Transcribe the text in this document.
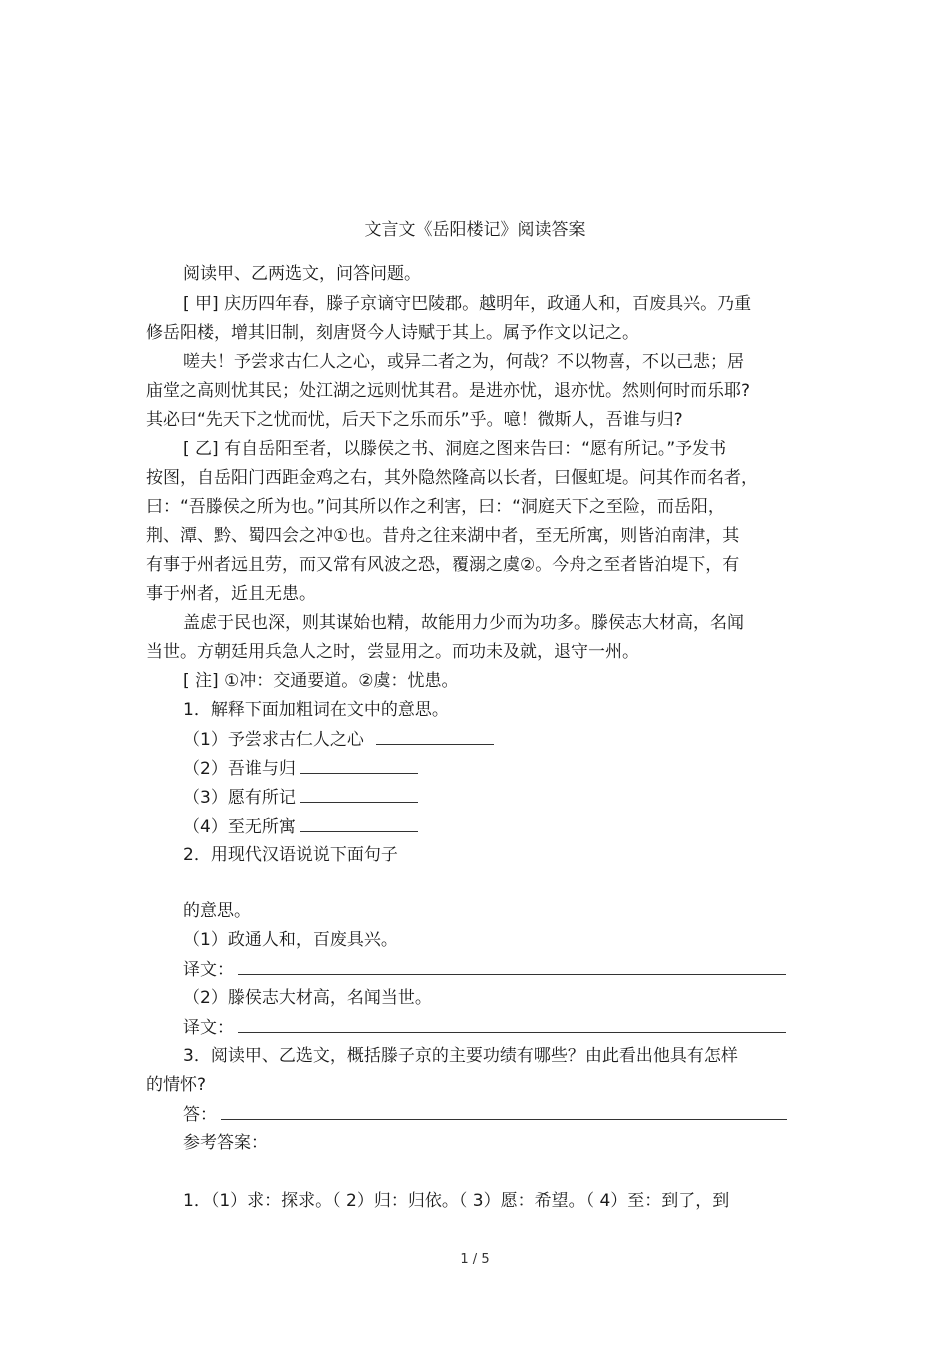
文言文《岳阳楼记》阅读答案
阅读甲、乙两选文，问答问题。
[ 甲] 庆历四年春，滕子京谪守巴陵郡。越明年，政通人和，百废具兴。乃重
修岳阳楼，增其旧制，刻唐贤今人诗赋于其上。属予作文以记之。
嗟夫！予尝求古仁人之心，或异二者之为，何哉？不以物喜，不以己悲；居
庙堂之高则忧其民；处江湖之远则忧其君。是进亦忧，退亦忧。然则何时而乐耶?
其必曰“先天下之忧而忧，后天下之乐而乐”乎。噫！微斯人，吾谁与归?
[ 乙] 有自岳阳至者，以滕侯之书、洞庭之图来告曰：“愿有所记。”予发书
按图，自岳阳门西距金鸡之右，其外隐然隆高以长者，曰偃虹堤。问其作而名者，
曰：“吾滕侯之所为也。”问其所以作之利害，曰：“洞庭天下之至险，而岳阳，
荆、潭、黔、蜀四会之冲①也。昔舟之往来湖中者，至无所寓，则皆泊南津，其
有事于州者远且劳，而又常有风波之恐，覆溺之虞②。今舟之至者皆泊堤下，有
事于州者，近且无患。
盖虑于民也深，则其谋始也精，故能用力少而为功多。滕侯志大材高，名闻
当世。方朝廷用兵急人之时，尝显用之。而功未及就，退守一州。
[ 注] ①冲：交通要道。②虞：忧患。
1．解释下面加粗词在文中的意思。
（1）予尝求古仁人之心
（2）吾谁与归
（3）愿有所记
（4）至无所寓
2．用现代汉语说说下面句子
的意思。
（1）政通人和，百废具兴。
译文：
（2）滕侯志大材高，名闻当世。
译文：
3．阅读甲、乙选文，概括滕子京的主要功绩有哪些？由此看出他具有怎样
的情怀?
答：
参考答案：
1．（1）求：探求。（ 2）归：归依。（ 3）愿：希望。（ 4）至：到了，到
1 / 5
